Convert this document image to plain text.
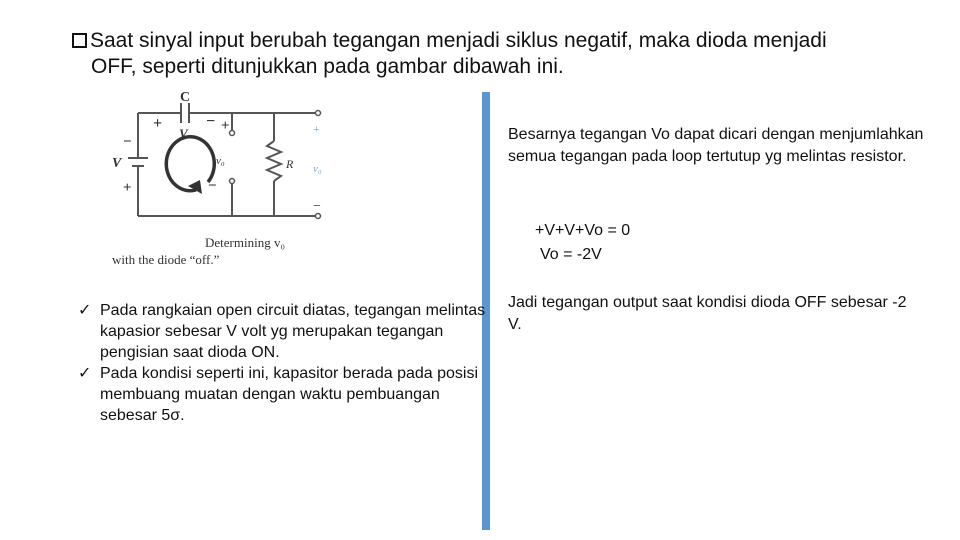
Saat sinyal input berubah tegangan menjadi siklus negatif, maka dioda menjadi
OFF, seperti ditunjukkan pada gambar dibawah ini.
C
+
V
−
−
V
+
+
v₀
−
R
+
v₀
−
Determining v₀
with the diode “off.”
✓ Pada rangkaian open circuit diatas, tegangan melintas kapasior sebesar V volt yg merupakan tegangan pengisian saat dioda ON.
✓ Pada kondisi seperti ini, kapasitor berada pada posisi membuang muatan dengan waktu pembuangan sebesar 5σ.
Besarnya tegangan Vo dapat dicari dengan menjumlahkan semua tegangan pada loop tertutup yg melintas resistor.
+V+V+Vo = 0
Vo = -2V
Jadi tegangan output saat kondisi dioda OFF sebesar -2 V.
